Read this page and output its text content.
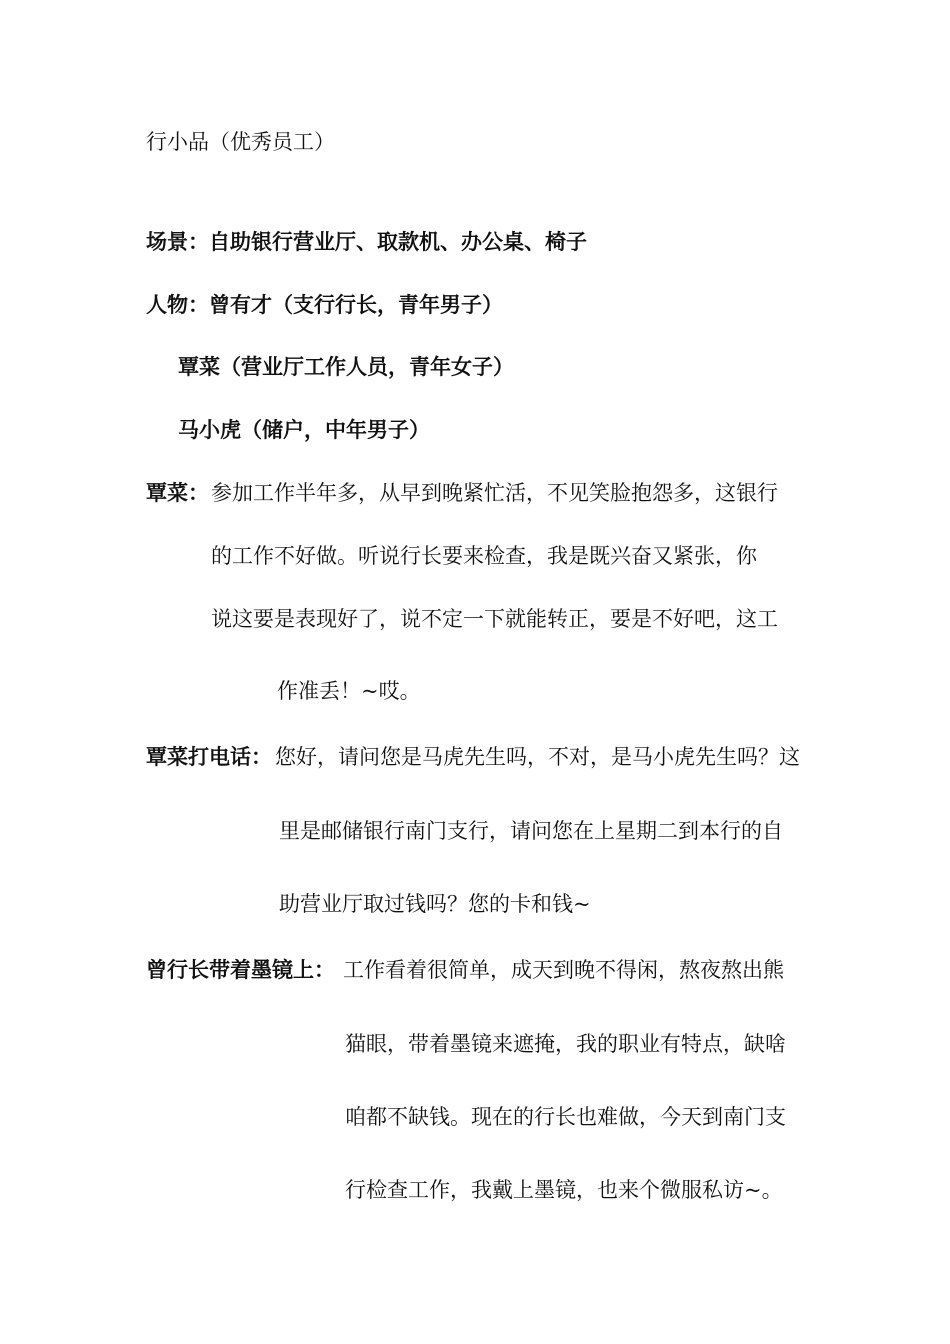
行小品（优秀员工）
场景：自助银行营业厅、取款机、办公桌、椅子
人物：曾有才（支行行长，青年男子）
覃菜（营业厅工作人员，青年女子）
马小虎（储户，中年男子）
覃菜： 参加工作半年多，从早到晚紧忙活，不见笑脸抱怨多，这银行
的工作不好做。听说行长要来检查，我是既兴奋又紧张，你
说这要是表现好了，说不定一下就能转正，要是不好吧，这工
作准丢！~哎。
覃菜打电话： 您好，请问您是马虎先生吗，不对，是马小虎先生吗？这
里是邮储银行南门支行，请问您在上星期二到本行的自
助营业厅取过钱吗？您的卡和钱~
曾行长带着墨镜上： 工作看着很简单，成天到晚不得闲，熬夜熬出熊
猫眼，带着墨镜来遮掩，我的职业有特点，缺啥
咱都不缺钱。现在的行长也难做，今天到南门支
行检查工作，我戴上墨镜，也来个微服私访~。
